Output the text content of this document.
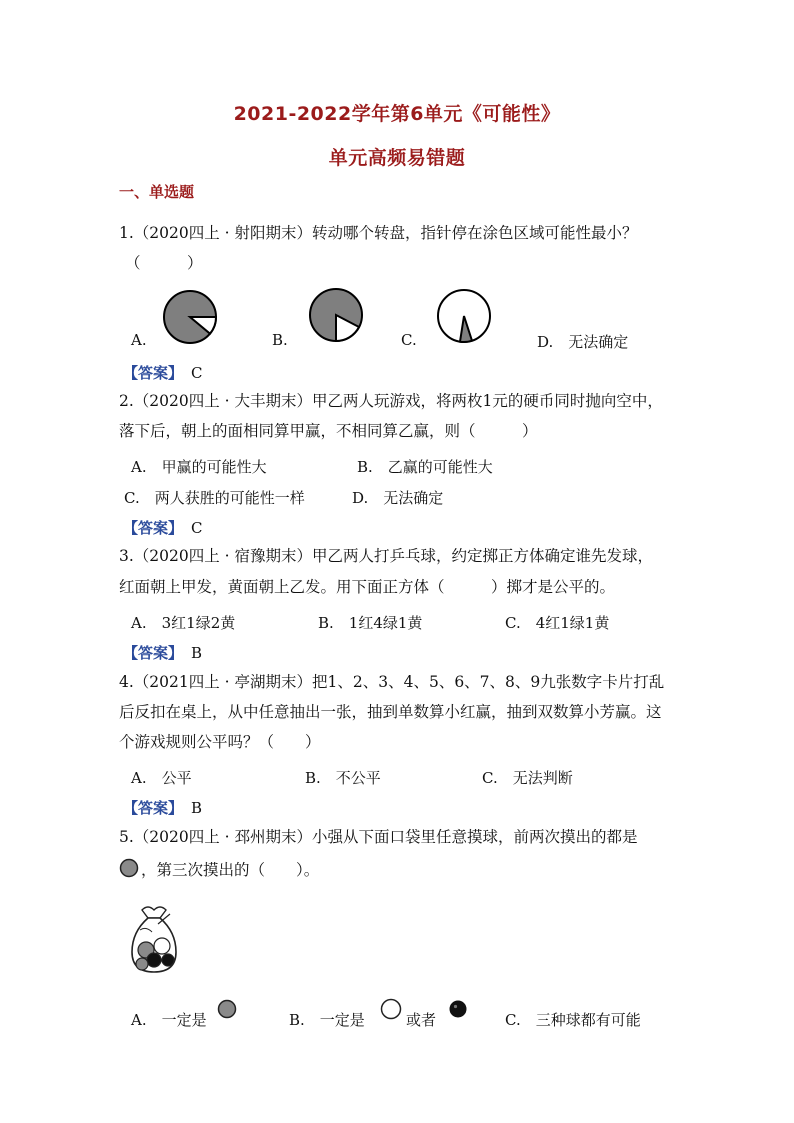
2021-2022学年第6单元《可能性》
单元高频易错题
一、单选题
1.（2020四上 · 射阳期末）转动哪个转盘，指针停在涂色区域可能性最小？
（　　　）
A.	B.	C.	D.　无法确定
【答案】 C
2.（2020四上 · 大丰期末）甲乙两人玩游戏，将两枚1元的硬币同时抛向空中，
落下后，朝上的面相同算甲赢，不相同算乙赢，则（　　　）
A.　甲赢的可能性大	B.　乙赢的可能性大
C.　两人获胜的可能性一样	D.　无法确定
【答案】 C
3.（2020四上 · 宿豫期末）甲乙两人打乒乓球，约定掷正方体确定谁先发球，
红面朝上甲发，黄面朝上乙发。用下面正方体（　　　）掷才是公平的。
A.　3红1绿2黄	B.　1红4绿1黄	C.　4红1绿1黄
【答案】 B
4.（2021四上 · 亭湖期末）把1、2、3、4、5、6、7、8、9九张数字卡片打乱
后反扣在桌上，从中任意抽出一张，抽到单数算小红赢，抽到双数算小芳赢。这
个游戏规则公平吗？（　　）
A.　公平	B.　不公平	C.　无法判断
【答案】 B
5.（2020四上 · 邳州期末）小强从下面口袋里任意摸球，前两次摸出的都是
，第三次摸出的（　　）。
A.　一定是	B.　一定是	或者	C.　三种球都有可能
